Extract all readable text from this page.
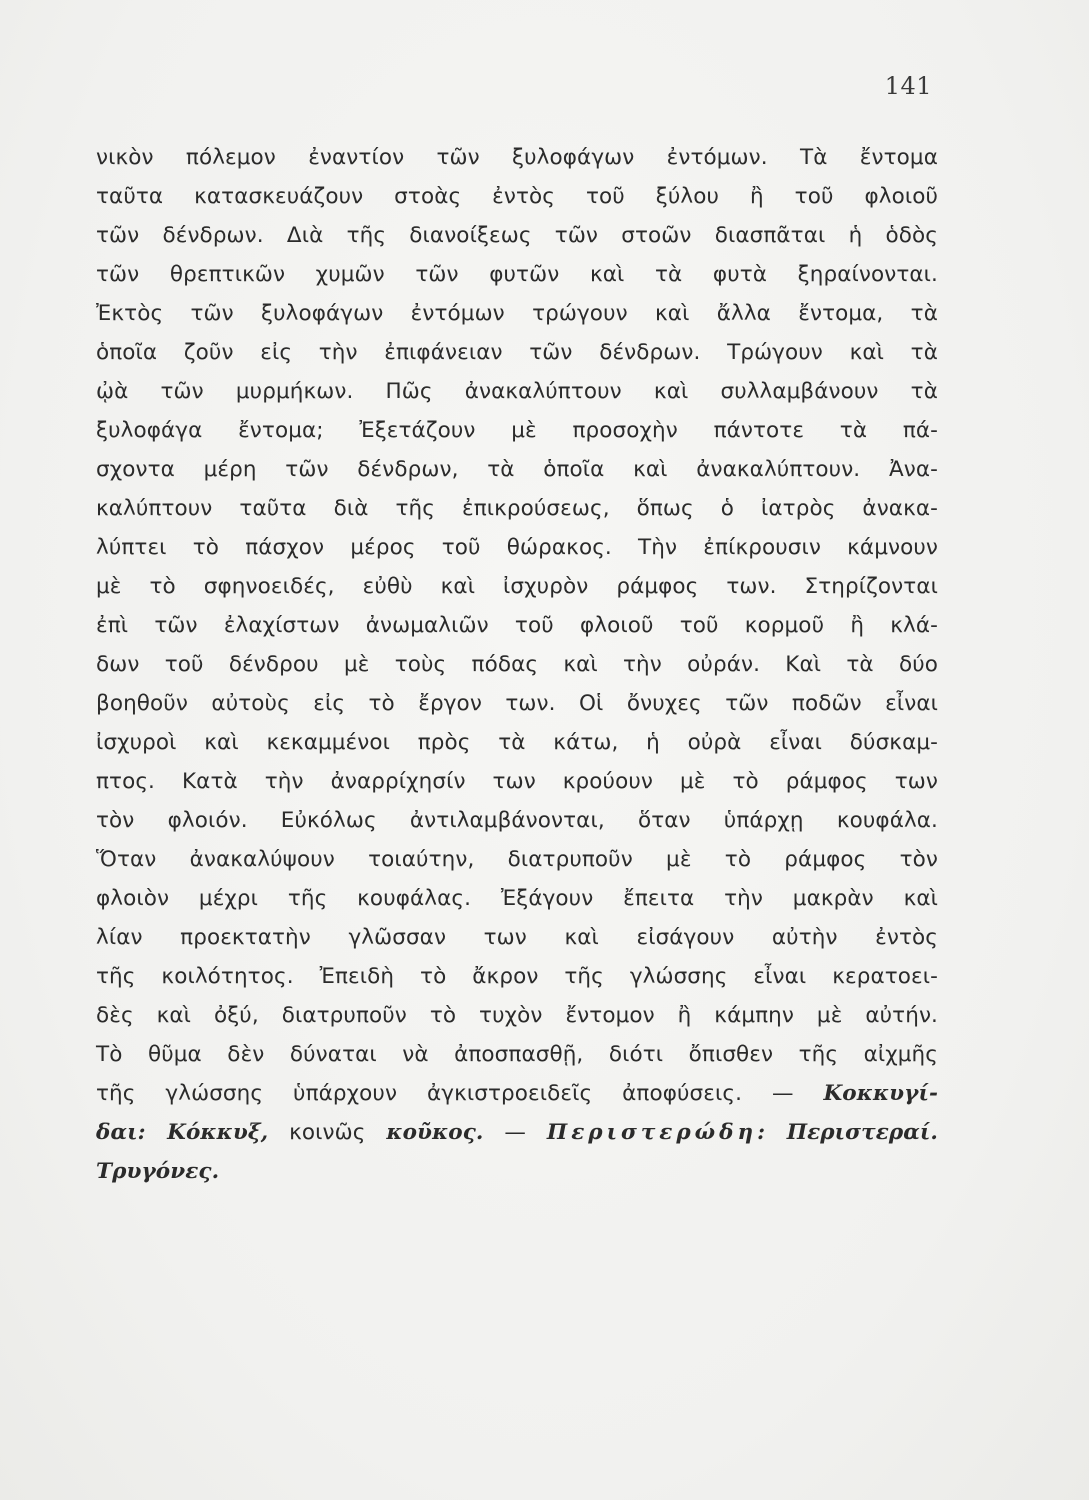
141
νικὸν πόλεμον ἐναντίον τῶν ξυλοφάγων ἐντόμων. Τὰ ἔντομα
ταῦτα κατασκευάζουν στοὰς ἐντὸς τοῦ ξύλου ἢ τοῦ φλοιοῦ
τῶν δένδρων. Διὰ τῆς διανοίξεως τῶν στοῶν διασπᾶται ἡ ὁδὸς
τῶν θρεπτικῶν χυμῶν τῶν φυτῶν καὶ τὰ φυτὰ ξηραίνονται.
Ἐκτὸς τῶν ξυλοφάγων ἐντόμων τρώγουν καὶ ἄλλα ἔντομα, τὰ
ὁποῖα ζοῦν εἰς τὴν ἐπιφάνειαν τῶν δένδρων. Τρώγουν καὶ τὰ
ᾠὰ τῶν μυρμήκων. Πῶς ἀνακαλύπτουν καὶ συλλαμβάνουν τὰ
ξυλοφάγα ἔντομα; Ἐξετάζουν μὲ προσοχὴν πάντοτε τὰ πά-
σχοντα μέρη τῶν δένδρων, τὰ ὁποῖα καὶ ἀνακαλύπτουν. Ἀνα-
καλύπτουν ταῦτα διὰ τῆς ἐπικρούσεως, ὅπως ὁ ἰατρὸς ἀνακα-
λύπτει τὸ πάσχον μέρος τοῦ θώρακος. Τὴν ἐπίκρουσιν κάμνουν
μὲ τὸ σφηνοειδές, εὐθὺ καὶ ἰσχυρὸν ράμφος των. Στηρίζονται
ἐπὶ τῶν ἐλαχίστων ἀνωμαλιῶν τοῦ φλοιοῦ τοῦ κορμοῦ ἢ κλά-
δων τοῦ δένδρου μὲ τοὺς πόδας καὶ τὴν οὐράν. Καὶ τὰ δύο
βοηθοῦν αὐτοὺς εἰς τὸ ἔργον των. Οἱ ὄνυχες τῶν ποδῶν εἶναι
ἰσχυροὶ καὶ κεκαμμένοι πρὸς τὰ κάτω, ἡ οὐρὰ εἶναι δύσκαμ-
πτος. Κατὰ τὴν ἀναρρίχησίν των κρούουν μὲ τὸ ράμφος των
τὸν φλοιόν. Εὐκόλως ἀντιλαμβάνονται, ὅταν ὑπάρχῃ κουφάλα.
Ὅταν ἀνακαλύψουν τοιαύτην, διατρυποῦν μὲ τὸ ράμφος τὸν
φλοιὸν μέχρι τῆς κουφάλας. Ἐξάγουν ἔπειτα τὴν μακρὰν καὶ
λίαν προεκτατὴν γλῶσσαν των καὶ εἰσάγουν αὐτὴν ἐντὸς
τῆς κοιλότητος. Ἐπειδὴ τὸ ἄκρον τῆς γλώσσης εἶναι κερατοει-
δὲς καὶ ὀξύ, διατρυποῦν τὸ τυχὸν ἔντομον ἢ κάμπην μὲ αὐτήν.
Τὸ θῦμα δὲν δύναται νὰ ἀποσπασθῇ, διότι ὄπισθεν τῆς αἰχμῆς
τῆς γλώσσης ὑπάρχουν ἀγκιστροειδεῖς ἀποφύσεις. — Κοκκυγί-
δαι: Κόκκυξ, κοινῶς κοῦκος. — Περιστερώδη: Περιστεραί.
Τρυγόνες.
